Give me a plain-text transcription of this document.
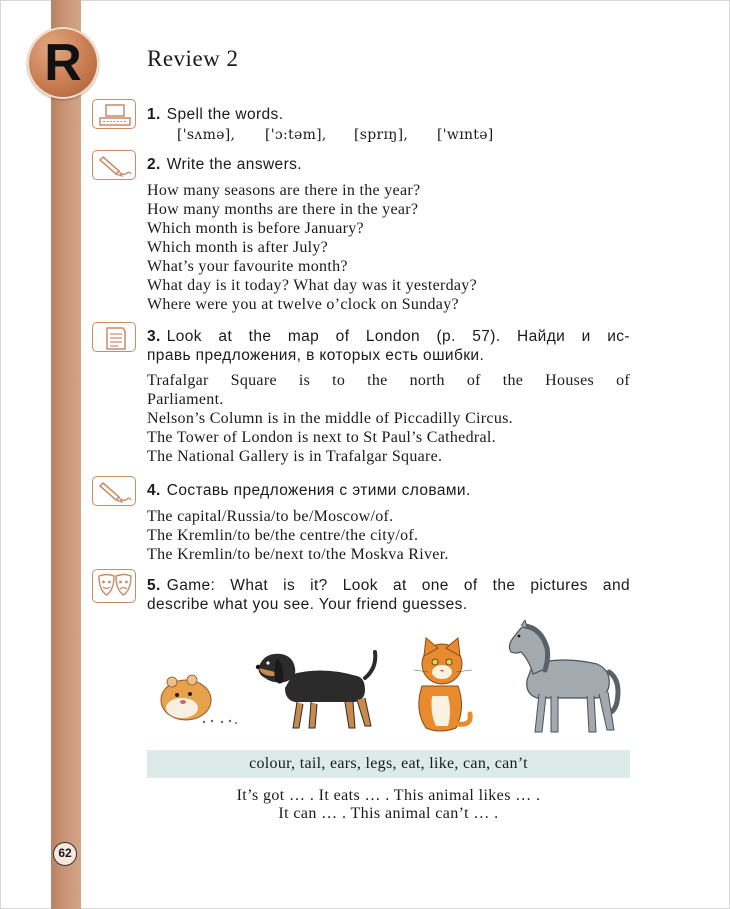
R	Review 2
1. Spell the words.
['sʌmə], ['ɔ:təm], [sprɪŋ], ['wɪntə]
2. Write the answers.
How many seasons are there in the year?
How many months are there in the year?
Which month is before January?
Which month is after July?
What’s your favourite month?
What day is it today? What day was it yesterday?
Where were you at twelve o’clock on Sunday?
3. Look at the map of London (p. 57). Найди и ис-
правь предложения, в которых есть ошибки.
Trafalgar Square is to the north of the Houses of
Parliament.
Nelson’s Column is in the middle of Piccadilly Circus.
The Tower of London is next to St Paul’s Cathedral.
The National Gallery is in Trafalgar Square.
4. Составь предложения с этими словами.
The capital/Russia/to be/Moscow/of.
The Kremlin/to be/the centre/the city/of.
The Kremlin/to be/next to/the Moskva River.
5. Game: What is it? Look at one of the pictures and
describe what you see. Your friend guesses.
colour, tail, ears, legs, eat, like, can, can’t
It’s got … . It eats … . This animal likes … .
It can … . This animal can’t … .
62
